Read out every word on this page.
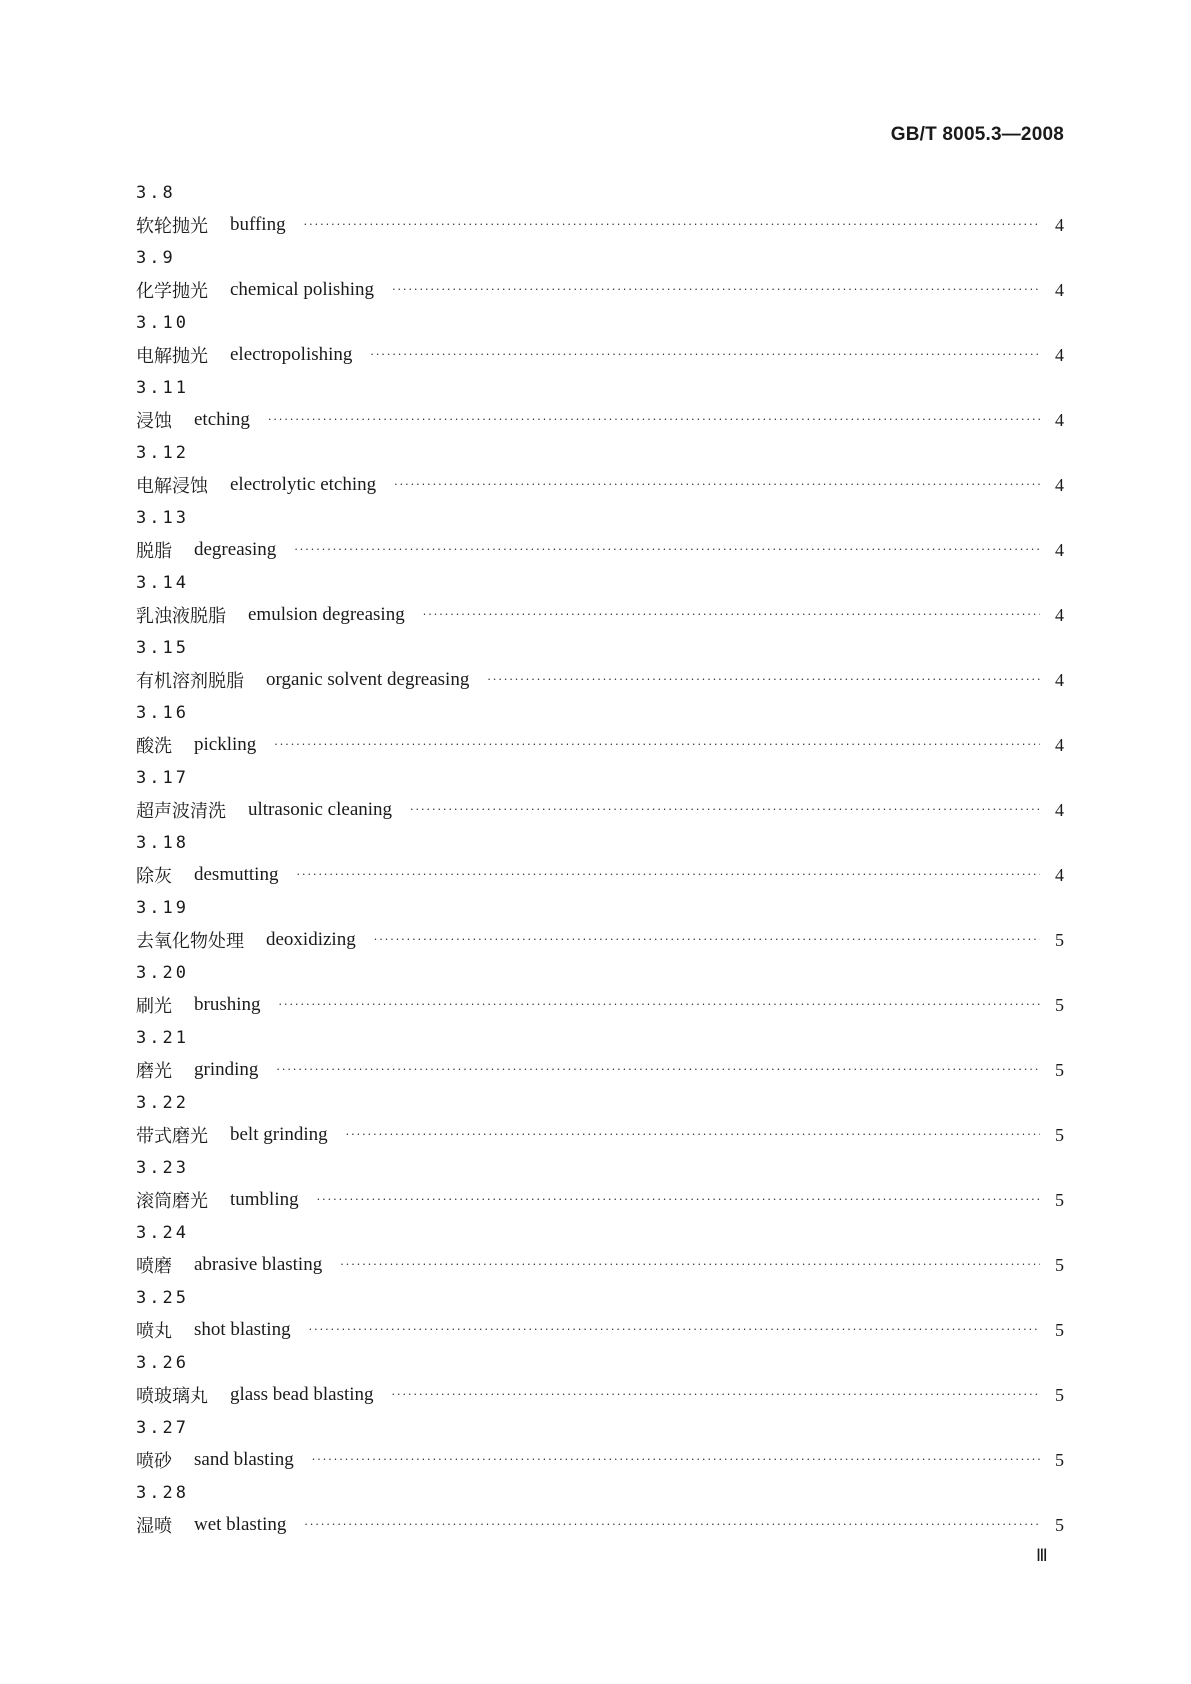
GB/T 8005.3—2008
3.8
软轮抛光 buffing ·····	4
3.9
化学抛光 chemical polishing ·····	4
3.10
电解抛光 electropolishing ·····	4
3.11
浸蚀 etching ·····	4
3.12
电解浸蚀 electrolytic etching ·····	4
3.13
脱脂 degreasing ·····	4
3.14
乳浊液脱脂 emulsion degreasing ·····	4
3.15
有机溶剂脱脂 organic solvent degreasing ·····	4
3.16
酸洗 pickling ·····	4
3.17
超声波清洗 ultrasonic cleaning ·····	4
3.18
除灰 desmutting ·····	4
3.19
去氧化物处理 deoxidizing ·····	5
3.20
刷光 brushing ·····	5
3.21
磨光 grinding ·····	5
3.22
带式磨光 belt grinding ·····	5
3.23
滚筒磨光 tumbling ·····	5
3.24
喷磨 abrasive blasting ·····	5
3.25
喷丸 shot blasting ·····	5
3.26
喷玻璃丸 glass bead blasting ·····	5
3.27
喷砂 sand blasting ·····	5
3.28
湿喷 wet blasting ·····	5
Ⅲ
